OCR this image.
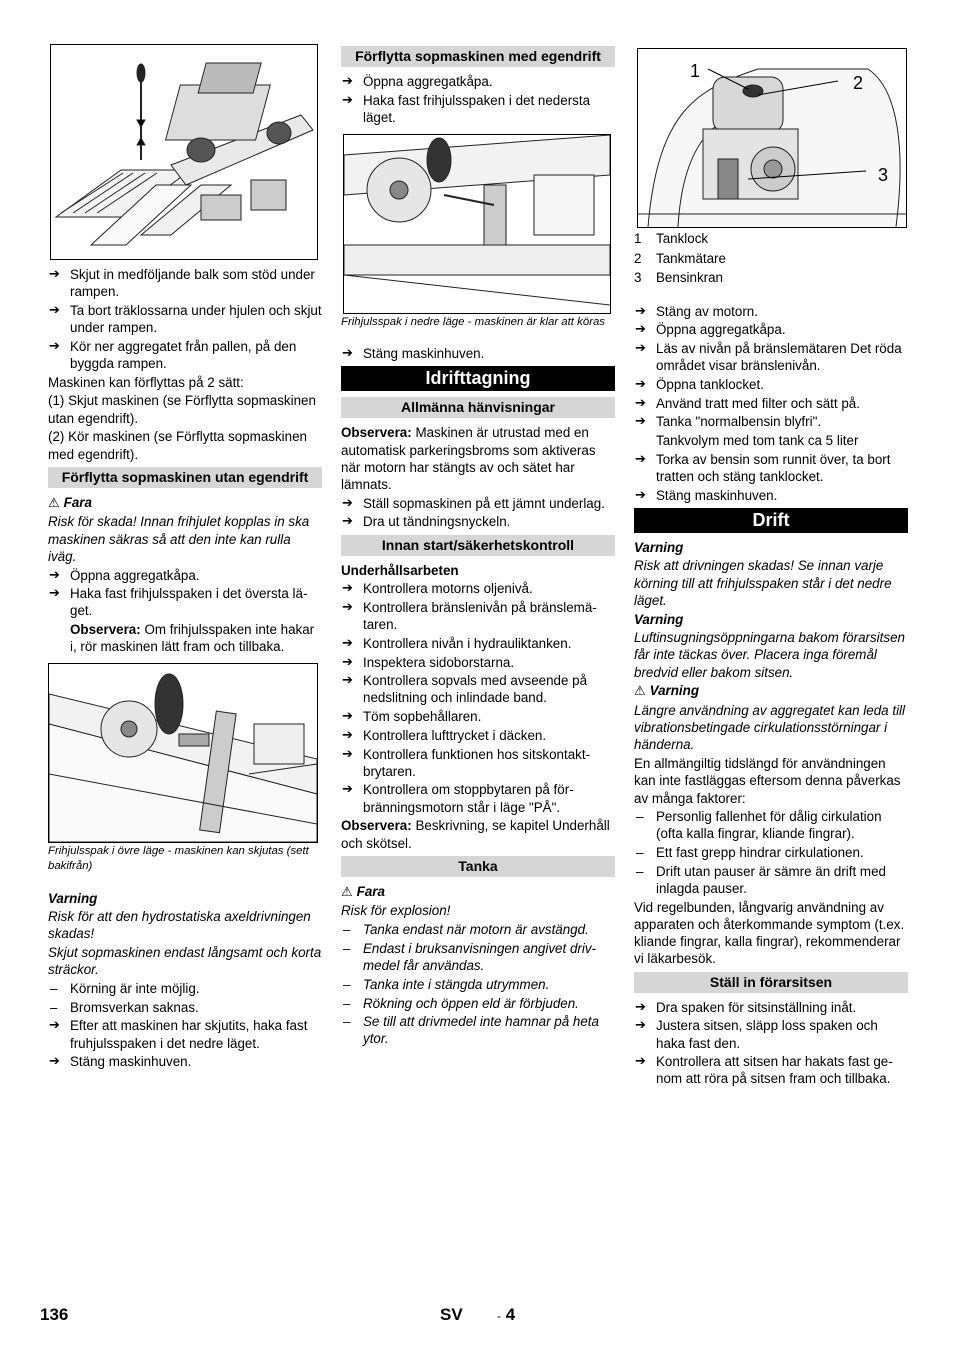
➔ Skjut in medföljande balk som stöd under rampen.

➔ Ta bort träklossarna under hjulen och skjut under rampen.

➔ Kör ner aggregatet från pallen, på den byggda rampen.

Maskinen kan förflyttas på 2 sätt:

(1) Skjut maskinen (se Förflytta sopmaskinen utan egendrift).

(2) Kör maskinen (se Förflytta sopmaskinen med egendrift).

Förflytta sopmaskinen utan egendrift

⚠ Fara

Risk för skada! Innan frihjulet kopplas in ska maskinen säkras så att den inte kan rulla iväg.

➔ Öppna aggregatkåpa.

➔ Haka fast frihjulsspaken i det översta läget.

Observera: Om frihjulsspaken inte hakar i, rör maskinen lätt fram och tillbaka.

Frihjulsspak i övre läge - maskinen kan skjutas (sett bakifrån)

Varning

Risk för att den hydrostatiska axeldrivningen skadas!

Skjut sopmaskinen endast långsamt och korta sträckor.

– Körning är inte möjlig.

– Bromsverkan saknas.

➔ Efter att maskinen har skjutits, haka fast fruhjulsspaken i det nedre läget.

➔ Stäng maskinhuven.

Förflytta sopmaskinen med egendrift

➔ Öppna aggregatkåpa.

➔ Haka fast frihjulsspaken i det nedersta läget.

Frihjulsspak i nedre läge - maskinen är klar att köras

➔ Stäng maskinhuven.

Idrifttagning
Allmänna hänvisningar

Observera: Maskinen är utrustad med en automatisk parkeringsbroms som aktiveras när motorn har stängts av och sätet har lämnats.

➔ Ställ sopmaskinen på ett jämnt underlag.

➔ Dra ut tändningsnyckeln.

Innan start/säkerhetskontroll

Underhållsarbeten

➔ Kontrollera motorns oljenivå.

➔ Kontrollera bränslenivån på bränslemätaren.

➔ Kontrollera nivån i hydrauliktanken.

➔ Inspektera sidoborstarna.

➔ Kontrollera sopvals med avseende på nedslitning och inlindade band.

➔ Töm sopbehållaren.

➔ Kontrollera lufttrycket i däcken.

➔ Kontrollera funktionen hos sitskontaktbrytaren.

➔ Kontrollera om stoppbytaren på förbränningsmotorn står i läge "PÅ".

Observera: Beskrivning, se kapitel Underhåll och skötsel.

Tanka

⚠ Fara

Risk för explosion!

– Tanka endast när motorn är avstängd.

– Endast i bruksanvisningen angivet drivmedel får användas.

– Tanka inte i stängda utrymmen.

– Rökning och öppen eld är förbjuden.

– Se till att drivmedel inte hamnar på heta ytor.

1
2
3
1	Tanklock
2	Tankmätare
3	Bensinkran

➔ Stäng av motorn.

➔ Öppna aggregatkåpa.

➔ Läs av nivån på bränslemätaren Det röda området visar bränslenivån.

➔ Öppna tanklocket.

➔ Använd tratt med filter och sätt på.

➔ Tanka "normalbensin blyfri".

Tankvolym med tom tank ca 5 liter

➔ Torka av bensin som runnit över, ta bort tratten och stäng tanklocket.

➔ Stäng maskinhuven.

Drift

Varning

Risk att drivningen skadas! Se innan varje körning till att frihjulsspaken står i det nedre läget.

Varning

Luftinsugningsöppningarna bakom förarsitsen får inte täckas över. Placera inga föremål bredvid eller bakom sitsen.

⚠ Varning

Längre användning av aggregatet kan leda till vibrationsbetingade cirkulationsstörningar i händerna.

En allmängiltig tidslängd för användningen kan inte fastläggas eftersom denna påverkas av många faktorer:

– Personlig fallenhet för dålig cirkulation (ofta kalla fingrar, kliande fingrar).

– Ett fast grepp hindrar cirkulationen.

– Drift utan pauser är sämre än drift med inlagda pauser.

Vid regelbunden, långvarig användning av apparaten och återkommande symptom (t.ex. kliande fingrar, kalla fingrar), rekommenderar vi läkarbesök.

Ställ in förarsitsen

➔ Dra spaken för sitsinställning inåt.

➔ Justera sitsen, släpp loss spaken och haka fast den.

➔ Kontrollera att sitsen har hakats fast genom att röra på sitsen fram och tillbaka.

136	SV	- 4
